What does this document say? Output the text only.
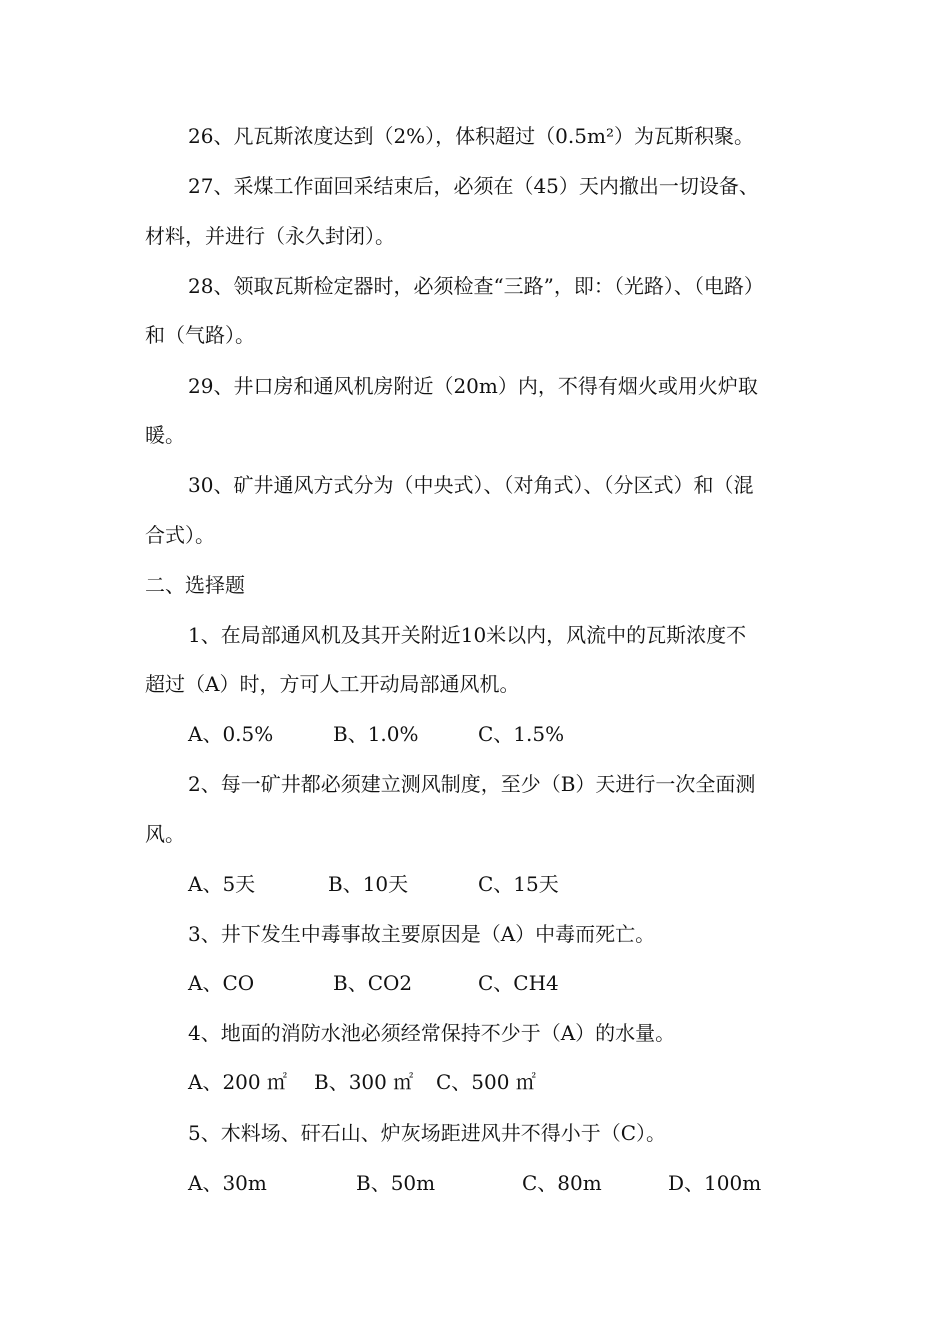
26、凡瓦斯浓度达到（2%），体积超过（0.5m²）为瓦斯积聚。
27、采煤工作面回采结束后，必须在（45）天内撤出一切设备、
材料，并进行（永久封闭）。
28、领取瓦斯检定器时，必须检查“三路”，即：（光路）、（电路）
和（气路）。
29、井口房和通风机房附近（20m）内，不得有烟火或用火炉取
暖。
30、矿井通风方式分为（中央式）、（对角式）、（分区式）和（混
合式）。
二、选择题
1、在局部通风机及其开关附近10米以内，风流中的瓦斯浓度不
超过（A）时，方可人工开动局部通风机。
A、0.5%	B、1.0%	C、1.5%
2、每一矿井都必须建立测风制度，至少（B）天进行一次全面测
风。
A、5天	B、10天	C、15天
3、井下发生中毒事故主要原因是（A）中毒而死亡。
A、CO	B、CO2	C、CH4
4、地面的消防水池必须经常保持不少于（A）的水量。
A、200 ㎡ B、300 ㎡ C、500 ㎡
5、木料场、矸石山、炉灰场距进风井不得小于（C）。
A、30m	B、50m	C、80m	D、100m
